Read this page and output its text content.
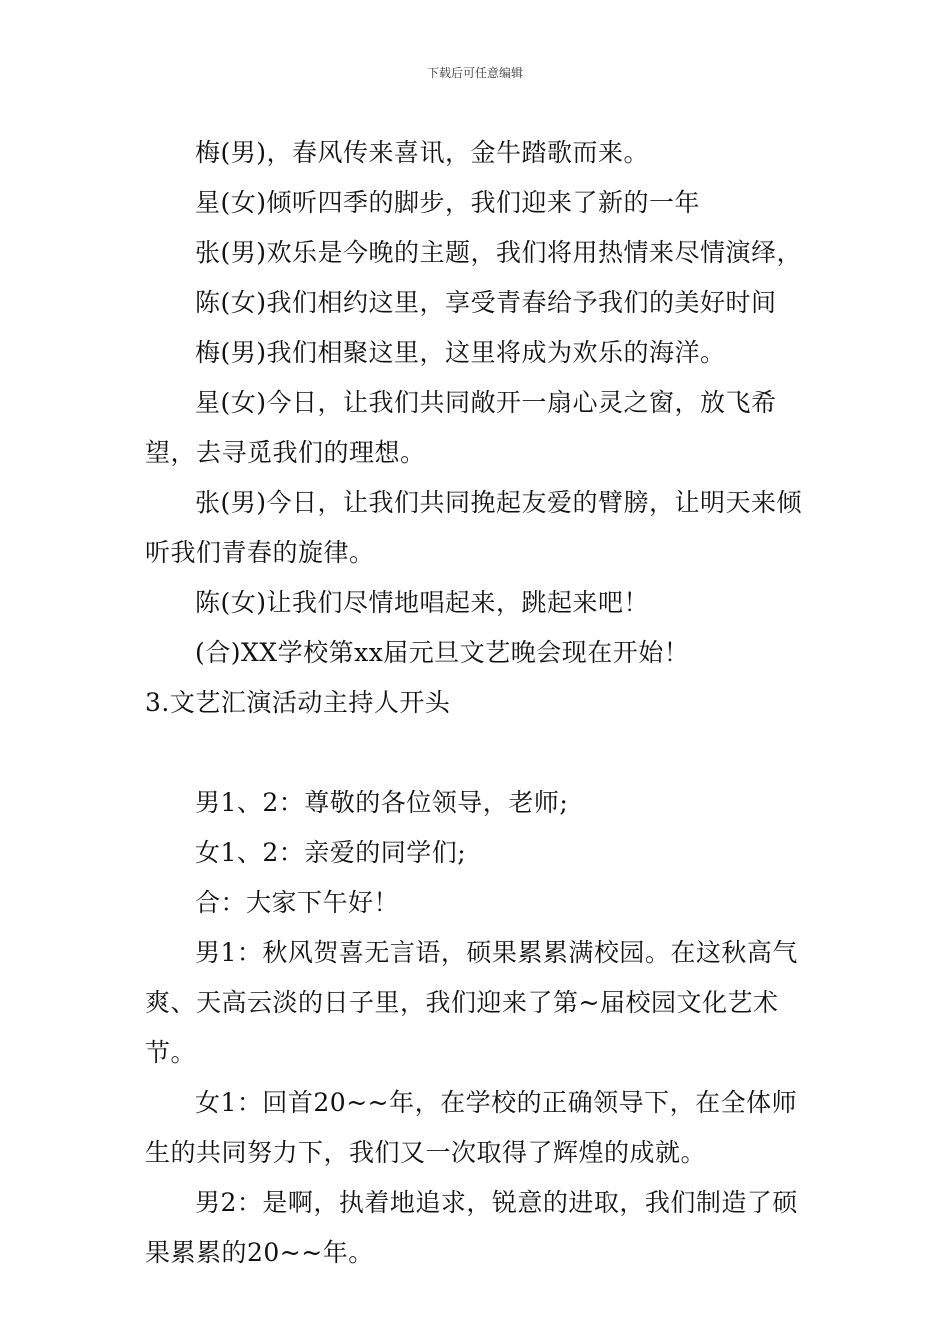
下载后可任意编辑

梅(男)，春风传来喜讯，金牛踏歌而来。

星(女)倾听四季的脚步，我们迎来了新的一年

张(男)欢乐是今晚的主题，我们将用热情来尽情演绎，

陈(女)我们相约这里，享受青春给予我们的美好时间

梅(男)我们相聚这里，这里将成为欢乐的海洋。

星(女)今日，让我们共同敞开一扇心灵之窗，放飞希望，去寻觅我们的理想。

张(男)今日，让我们共同挽起友爱的臂膀，让明天来倾听我们青春的旋律。

陈(女)让我们尽情地唱起来，跳起来吧！

(合)XX学校第xx届元旦文艺晚会现在开始！

3.文艺汇演活动主持人开头

男1、2：尊敬的各位领导，老师;

女1、2：亲爱的同学们;

合：大家下午好！

男1：秋风贺喜无言语，硕果累累满校园。在这秋高气爽、天高云淡的日子里，我们迎来了第~届校园文化艺术节。

女1：回首20~~年，在学校的正确领导下，在全体师生的共同努力下，我们又一次取得了辉煌的成就。

男2：是啊，执着地追求，锐意的进取，我们制造了硕果累累的20~~年。
